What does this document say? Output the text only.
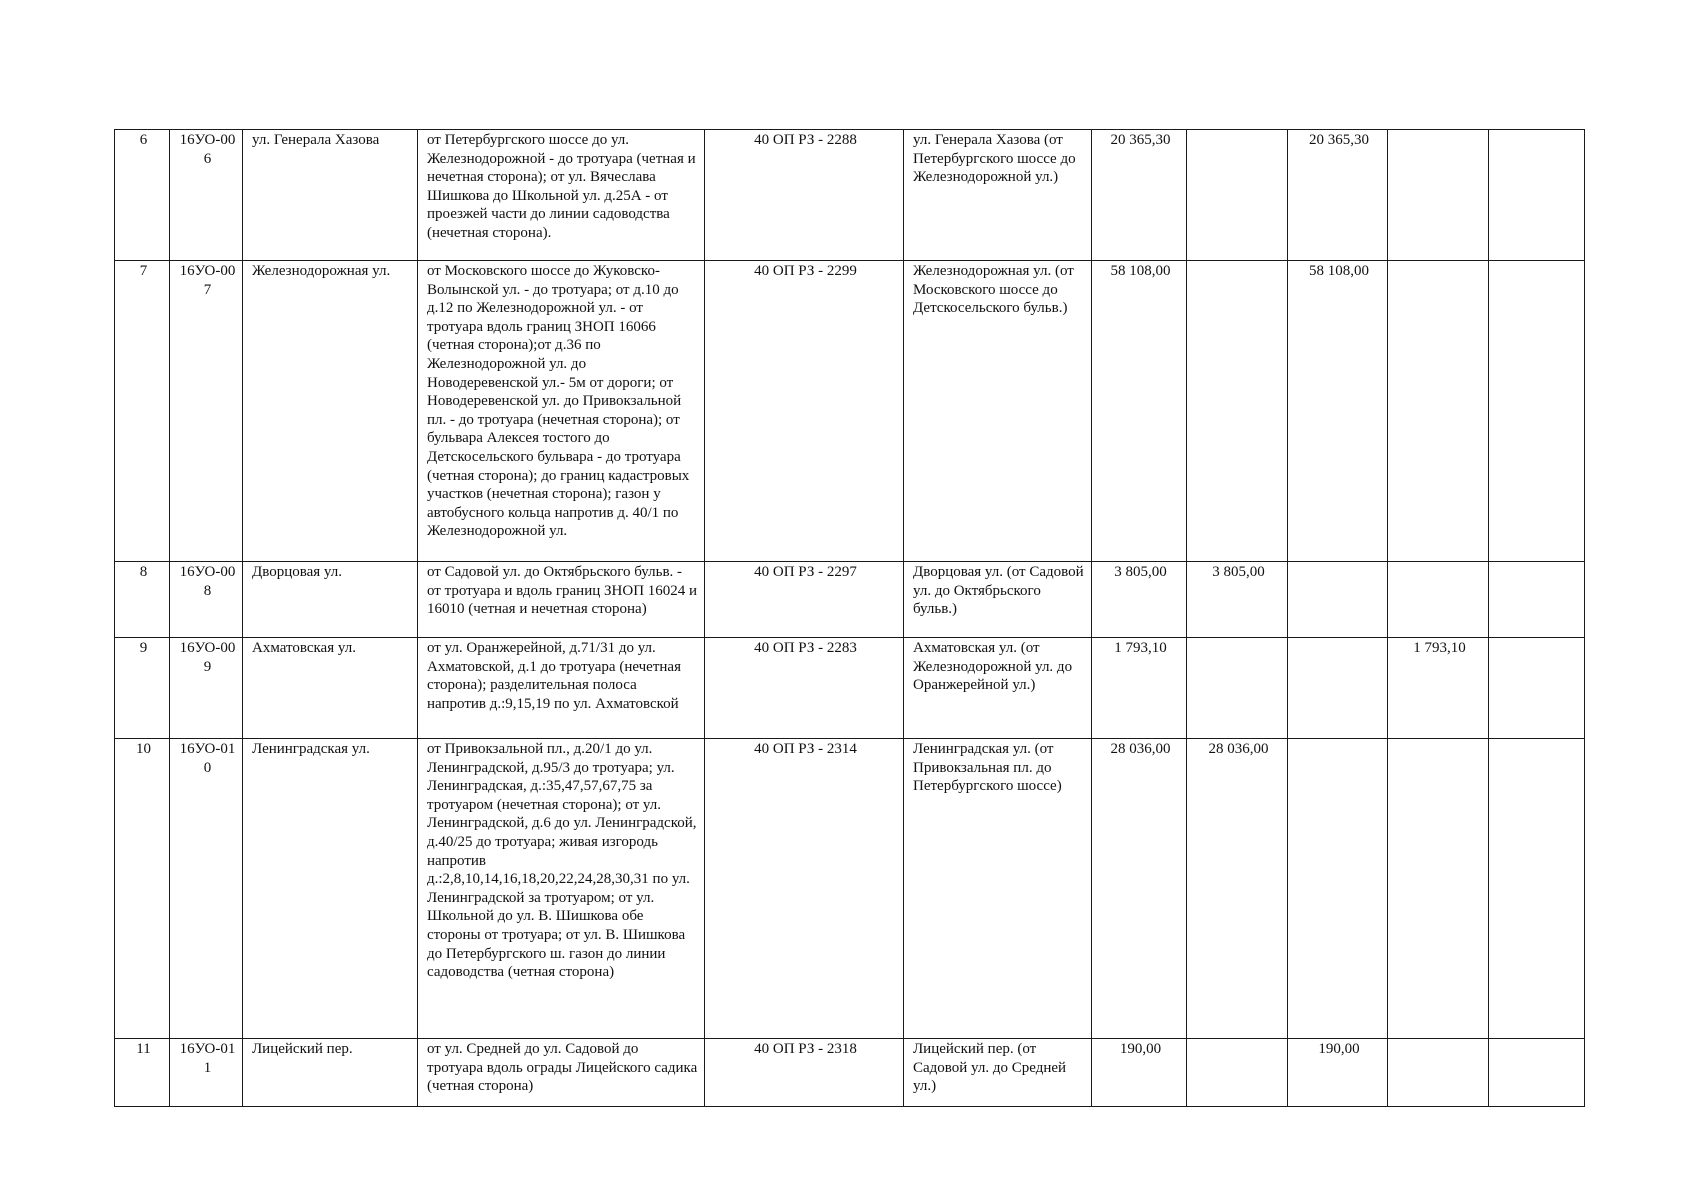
6	16УО-006	ул. Генерала Хазова	от Петербургского шоссе до ул. Железнодорожной - до тротуара (четная и нечетная сторона); от ул. Вячеслава Шишкова до Школьной ул. д.25А - от проезжей части до линии садоводства (нечетная сторона).	40 ОП РЗ - 2288	ул. Генерала Хазова (от Петербургского шоссе до Железнодорожной ул.)	20 365,30		20 365,30		
7	16УО-007	Железнодорожная ул.	от Московского шоссе до Жуковско-Волынской ул. - до тротуара; от д.10 до д.12 по Железнодорожной ул. - от тротуара вдоль границ ЗНОП 16066 (четная сторона);от д.36 по Железнодорожной ул. до Новодеревенской ул.- 5м от дороги; от Новодеревенской ул. до Привокзальной пл. - до тротуара (нечетная сторона); от бульвара Алексея тостого до Детскосельского бульвара - до тротуара (четная сторона); до границ кадастровых участков (нечетная сторона); газон у автобусного кольца напротив д. 40/1 по Железнодорожной ул.	40 ОП РЗ - 2299	Железнодорожная ул. (от Московского шоссе до Детскосельского бульв.)	58 108,00		58 108,00		
8	16УО-008	Дворцовая ул.	от Садовой ул. до Октябрьского бульв. - от тротуара и вдоль границ ЗНОП 16024 и 16010 (четная и нечетная сторона)	40 ОП РЗ - 2297	Дворцовая ул. (от Садовой ул. до Октябрьского бульв.)	3 805,00	3 805,00			
9	16УО-009	Ахматовская ул.	от ул. Оранжерейной, д.71/31 до ул. Ахматовской, д.1 до тротуара (нечетная сторона); разделительная полоса напротив д.:9,15,19 по ул. Ахматовской	40 ОП РЗ - 2283	Ахматовская ул. (от Железнодорожной ул. до Оранжерейной ул.)	1 793,10			1 793,10	
10	16УО-010	Ленинградская ул.	от Привокзальной пл., д.20/1 до ул. Ленинградской, д.95/3 до тротуара; ул. Ленинградская, д.:35,47,57,67,75 за тротуаром (нечетная сторона); от ул. Ленинградской, д.6 до ул. Ленинградской, д.40/25 до тротуара; живая изгородь напротив д.:2,8,10,14,16,18,20,22,24,28,30,31 по ул. Ленинградской за тротуаром; от ул. Школьной до ул. В. Шишкова обе стороны от тротуара; от ул. В. Шишкова до Петербургского ш. газон до линии садоводства (четная сторона)	40 ОП РЗ - 2314	Ленинградская ул. (от Привокзальная пл. до Петербургского шоссе)	28 036,00	28 036,00			
11	16УО-011	Лицейский пер.	от ул. Средней до ул. Садовой до тротуара вдоль ограды Лицейского садика (четная сторона)	40 ОП РЗ - 2318	Лицейский пер. (от Садовой ул. до Средней ул.)	190,00		190,00		
